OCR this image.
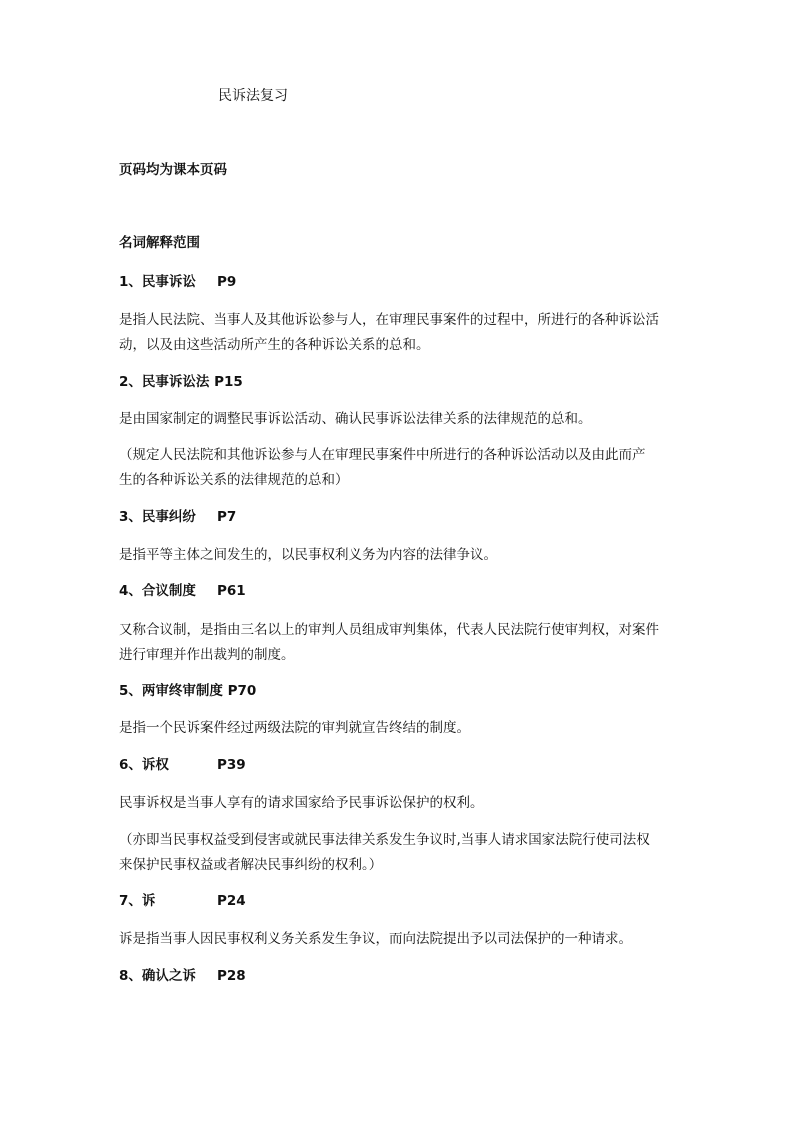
民诉法复习
页码均为课本页码
名词解释范围
1、民事诉讼 P9
是指人民法院、当事人及其他诉讼参与人，在审理民事案件的过程中，所进行的各种诉讼活
动，以及由这些活动所产生的各种诉讼关系的总和。
2、民事诉讼法 P15
是由国家制定的调整民事诉讼活动、确认民事诉讼法律关系的法律规范的总和。
（规定人民法院和其他诉讼参与人在审理民事案件中所进行的各种诉讼活动以及由此而产
生的各种诉讼关系的法律规范的总和）
3、民事纠纷 P7
是指平等主体之间发生的，以民事权利义务为内容的法律争议。
4、合议制度 P61
又称合议制，是指由三名以上的审判人员组成审判集体，代表人民法院行使审判权，对案件
进行审理并作出裁判的制度。
5、两审终审制度 P70
是指一个民诉案件经过两级法院的审判就宣告终结的制度。
6、诉权	P39
民事诉权是当事人享有的请求国家给予民事诉讼保护的权利。
（亦即当民事权益受到侵害或就民事法律关系发生争议时,当事人请求国家法院行使司法权
来保护民事权益或者解决民事纠纷的权利。）
7、诉	P24
诉是指当事人因民事权利义务关系发生争议，而向法院提出予以司法保护的一种请求。
8、确认之诉 P28
